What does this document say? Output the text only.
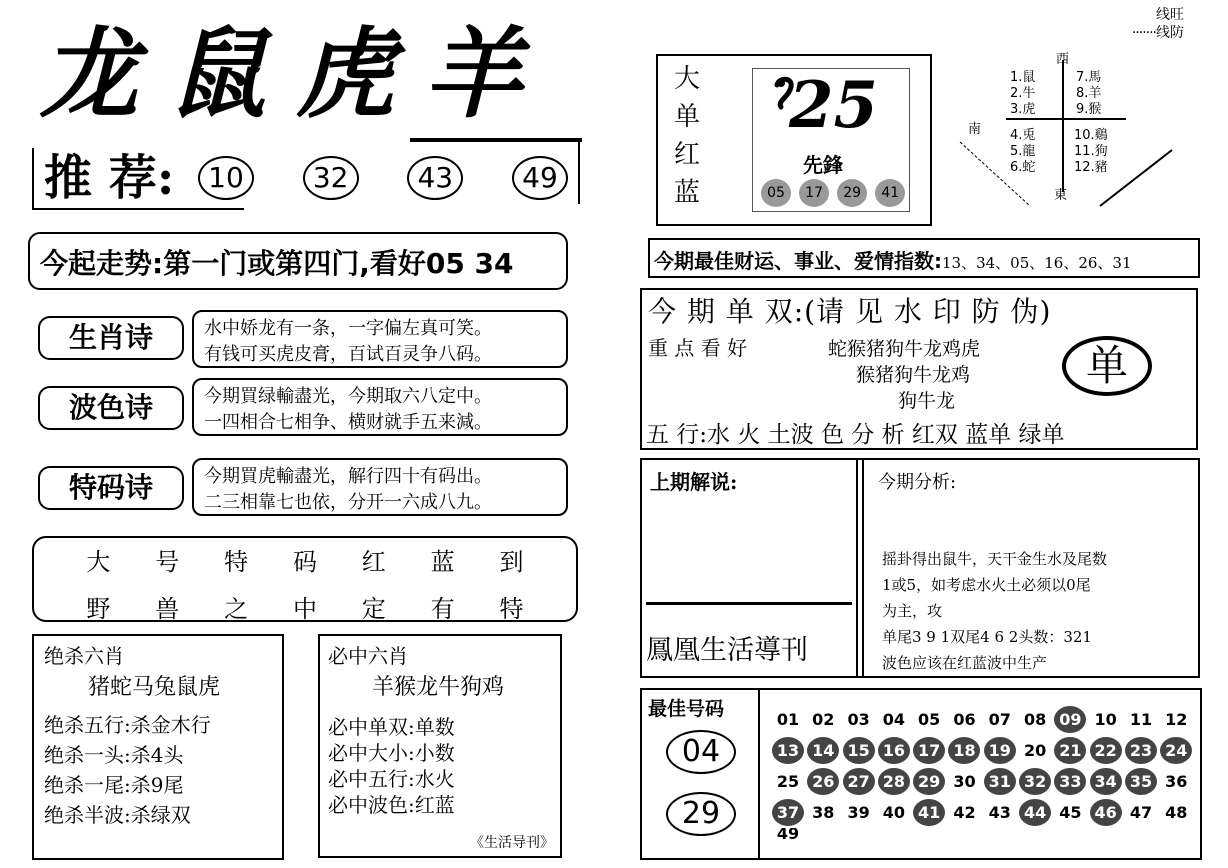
龙鼠虎羊
推 荐:	10	32	43	49
今起走势:第一门或第四门,看好05 34
生肖诗	水中娇龙有一条，一字偏左真可笑。
有钱可买虎皮膏，百试百灵争八码。
波色诗	今期買绿輸盡光，今期取六八定中。
一四相合七相争、横财就手五来減。
特码诗	今期買虎輸盡光，解行四十有码出。
二三相靠七也依，分开一六成八九。
大 号 特 码 红 蓝 到
野 兽 之 中 定 有 特
绝杀六肖
猪蛇马兔鼠虎
绝杀五行:杀金木行
绝杀一头:杀4头
绝杀一尾:杀9尾
绝杀半波:杀绿双
必中六肖
羊猴龙牛狗鸡
必中单双:单数
必中大小:小数
必中五行:水火
必中波色:红蓝
《生活导刊》
线旺
·······线防
大
单
红
蓝
25
先鋒
05 17 29 41
西
南
東
1.鼠
2.牛
3.虎
7.馬
8.羊
9.猴
4.兎
5.龍
6.蛇
10.鷄
11.狗
12.豬
今期最佳财运、事业、爱情指数:13、34、05、16、26、31
今 期 单 双:(请 见 水 印 防 伪)
重 点 看 好	蛇猴猪狗牛龙鸡虎
猴猪狗牛龙鸡
狗牛龙
单
五 行:水 火 土波 色 分 析 红双 蓝单 绿单
上期解说:
鳳凰生活導刊
今期分析:
摇卦得出鼠牛，天干金生水及尾数
1或5，如考虑水火土必须以0尾
为主，攻
单尾3 9 1双尾4 6 2头数：321
波色应该在红蓝波中生产
最佳号码
04
29
01 02 03 04 05 06 07 08 09 10 11 12
13 14 15 16 17 18 19 20 21 22 23 24
25 26 27 28 29 30 31 32 33 34 35 36
37 38 39 40 41 42 43 44 45 46 47 48
49
